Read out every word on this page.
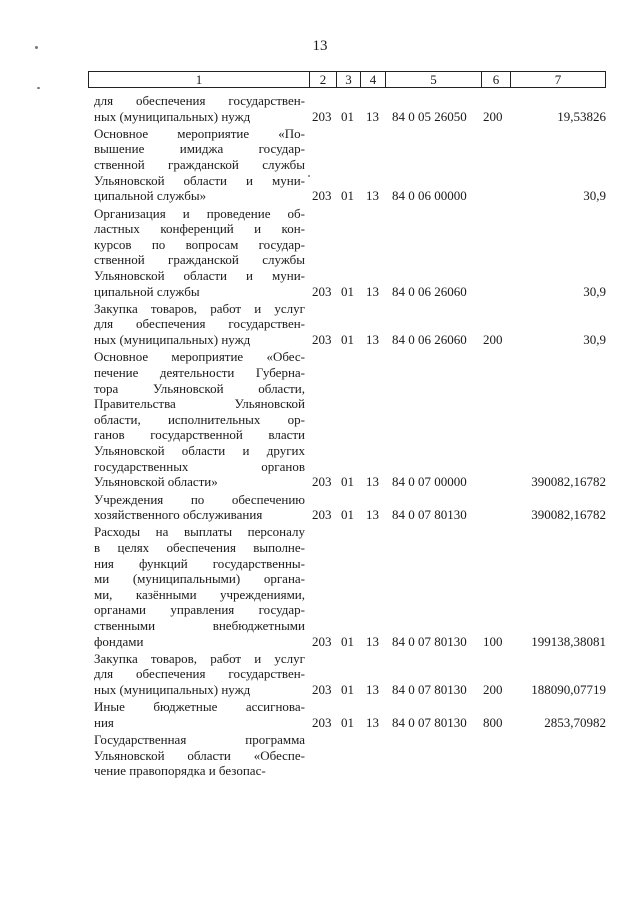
13
1	2	3	4	5	6	7
для обеспечения государствен-
ных (муниципальных) нужд	203 01 13 84 0 05 26050 200	19,53826
Основное мероприятие «По-
вышение имиджа государ-
ственной гражданской службы
Ульяновской области и муни-
ципальной службы»	203 01 13 84 0 06 00000	30,9
Организация и проведение об-
ластных конференций и кон-
курсов по вопросам государ-
ственной гражданской службы
Ульяновской области и муни-
ципальной службы	203 01 13 84 0 06 26060	30,9
Закупка товаров, работ и услуг
для обеспечения государствен-
ных (муниципальных) нужд	203 01 13 84 0 06 26060 200	30,9
Основное мероприятие «Обес-
печение деятельности Губерна-
тора Ульяновской области,
Правительства Ульяновской
области, исполнительных ор-
ганов государственной власти
Ульяновской области и других
государственных органов
Ульяновской области»	203 01 13 84 0 07 00000	390082,16782
Учреждения по обеспечению
хозяйственного обслуживания	203 01 13 84 0 07 80130	390082,16782
Расходы на выплаты персоналу
в целях обеспечения выполне-
ния функций государственны-
ми (муниципальными) органа-
ми, казёнными учреждениями,
органами управления государ-
ственными внебюджетными
фондами	203 01 13 84 0 07 80130 100 199138,38081
Закупка товаров, работ и услуг
для обеспечения государствен-
ных (муниципальных) нужд	203 01 13 84 0 07 80130 200 188090,07719
Иные бюджетные ассигнова-
ния	203 01 13 84 0 07 80130 800	2853,70982
Государственная программа
Ульяновской области «Обеспе-
чение правопорядка и безопас-
